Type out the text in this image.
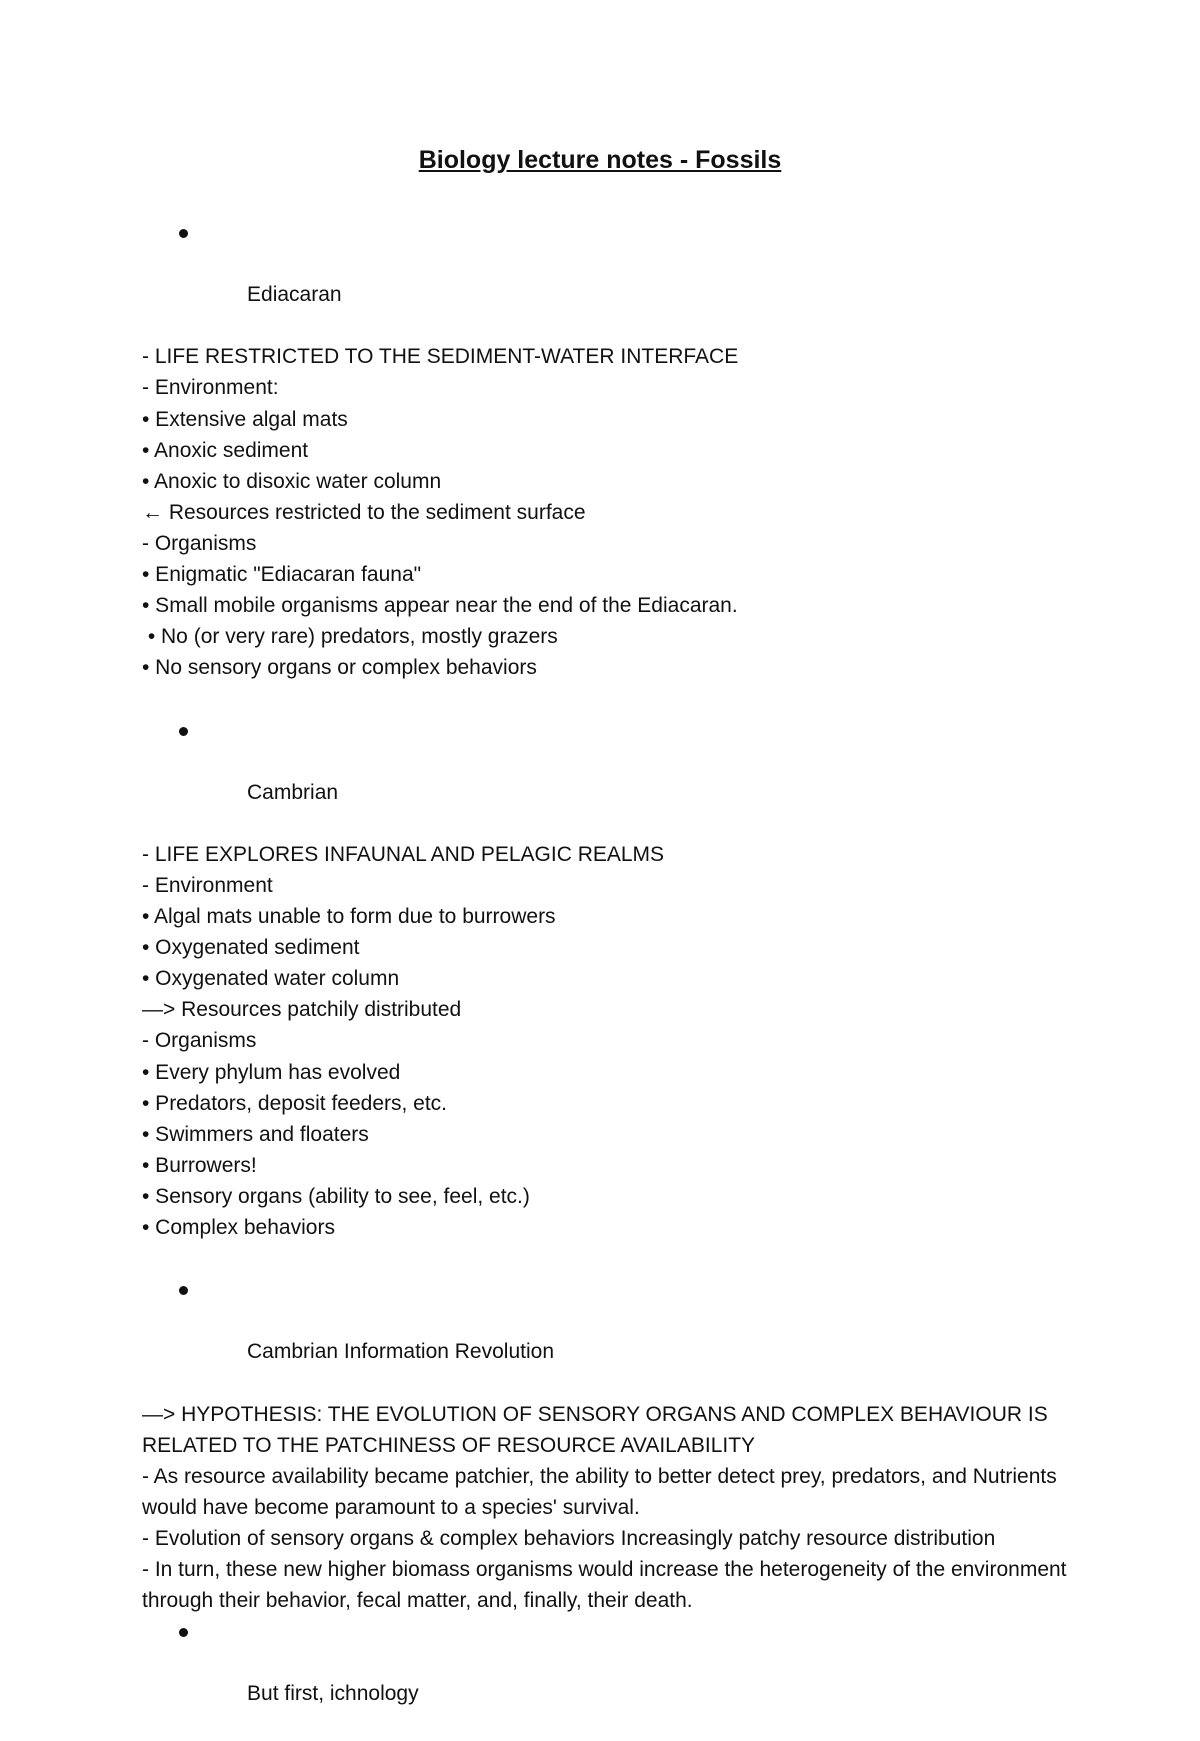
Biology lecture notes - Fossils

Ediacaran

- LIFE RESTRICTED TO THE SEDIMENT-WATER INTERFACE
- Environment:
• Extensive algal mats
• Anoxic sediment
• Anoxic to disoxic water column
← Resources restricted to the sediment surface
- Organisms
• Enigmatic "Ediacaran fauna"
• Small mobile organisms appear near the end of the Ediacaran.
• No (or very rare) predators, mostly grazers
• No sensory organs or complex behaviors

Cambrian

- LIFE EXPLORES INFAUNAL AND PELAGIC REALMS
- Environment
• Algal mats unable to form due to burrowers
• Oxygenated sediment
• Oxygenated water column
—> Resources patchily distributed
- Organisms
• Every phylum has evolved
• Predators, deposit feeders, etc.
• Swimmers and floaters
• Burrowers!
• Sensory organs (ability to see, feel, etc.)
• Complex behaviors

Cambrian Information Revolution

—> HYPOTHESIS: THE EVOLUTION OF SENSORY ORGANS AND COMPLEX BEHAVIOUR IS RELATED TO THE PATCHINESS OF RESOURCE AVAILABILITY
- As resource availability became patchier, the ability to better detect prey, predators, and Nutrients would have become paramount to a species' survival.
- Evolution of sensory organs & complex behaviors Increasingly patchy resource distribution
- In turn, these new higher biomass organisms would increase the heterogeneity of the environment through their behavior, fecal matter, and, finally, their death.

But first, ichnology
